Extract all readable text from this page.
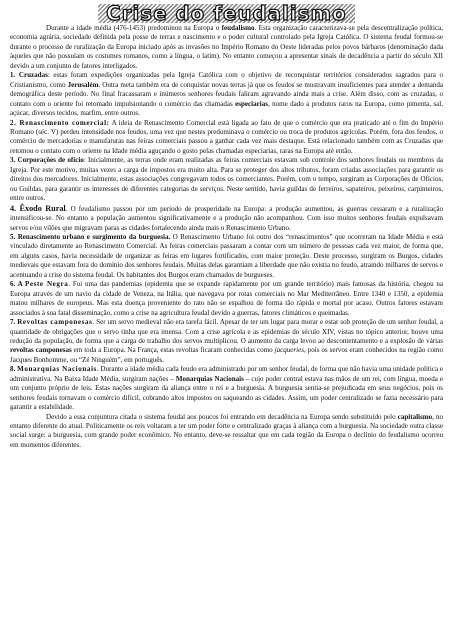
Crise do feudalismo

Durante a idade média (476-1453) predominou na Europa o feudalismo. Esta organização caracterizava-se pela descentralização política, economia agrária, sociedade definida pela posse de terras e nascimento e o poder cultural controlado pela Igreja Católica. O sistema feudal formou-se durante o processo de ruralização da Europa iniciado após as invasões no Império Romano do Oeste lideradas pelos povos bárbaros (denominação dada àqueles que não possuíam os costumes romanos, como a língua, o latim). No entanto começou a apresentar sinais de decadência a partir do século XII devido a um conjunto de fatores interligados.

1. Cruzadas: estas foram expedições organizadas pela Igreja Católica com o objetivo de reconquistar territórios considerados sagrados para o Cristianismo, como Jerusalém. Outra meta também era de conquistar novas terras já que os feudos se mostravam insuficientes para atender a demanda demográfica deste período. No final fracassaram e inúmeros senhores feudais faliram agravando ainda mais a crise. Além disso, com as cruzadas, o contato com o oriente foi retomado impulsionando o comércio das chamadas especiarias, nome dado a produtos raros na Europa, como pimenta, sal, açúcar, diversos tecidos, marfim, entre outros.

2. Renascimento comercial: A ideia de Renascimento Comercial está ligada ao fato de que o comércio que era praticado até o fim do Império Romano (séc. V) perdeu intensidade nos feudos, uma vez que nestes predominava o comércio ou troca de produtos agrícolas. Porém, fora dos feudos, o comércio de mercadorias e manufaturas nas feiras comerciais passou a ganhar cada vez mais destaque. Está relacionado também com as Cruzadas que retomou o contato com o oriente na Idade média aguçando o gosto pelas chamadas especiarias, raras na Europa até então.

3. Corporações de ofício: Inicialmente, as terras onde eram realizadas as feiras comerciais estavam sob controle dos senhores feudais ou membros da Igreja. Por este motivo, muitas vezes a carga de impostos era muito alta. Para se proteger dos altos tributos, foram criadas associações para garantir os direitos dos mercadores. Inicialmente, estas associações congregavam todos os comerciantes. Porém, com o tempo, surgiram as Corporações de Ofícios, ou Guildas, para garantir os interesses de diferentes categorias de serviços. Neste sentido, havia guildas de ferreiros, sapateiros, peixeiros, carpinteiros, entre outros.

4. Êxodo Rural. O feudalismo passou por um período de prosperidade na Europa: a produção aumentou, as guerras cessaram e a ruralização intensificou-se. No entanto a população aumentou significativamente e a produção não acompanhou. Com isso muitos senhores feudais expulsavam servos e/ou vilões que migravam paras as cidades fortalecendo ainda mais o Renascimento Urbano.

5. Renascimento urbano e surgimento da burguesia. O Renascimento Urbano foi outro dos “renascimentos” que ocorreram na Idade Média e está vinculado diretamente ao Renascimento Comercial. As feiras comerciais passaram a contar com um número de pessoas cada vez maior, de forma que, em alguns casos, havia necessidade de organizar as feiras em lugares fortificados, com maior proteção. Deste processo, surgiram os Burgos, cidades medievais que estavam fora do domínio dos senhores feudais. Muitas delas garantiam a liberdade que não existia no feudo, atraindo milhares de servos e acentuando a crise do sistema feudal. Os habitantes dos Burgos eram chamados de burgueses.

6. A Peste Negra. Foi uma das pandemias (epidemia que se expande rapidamente por um grande território) mais famosas da história, chegou na Europa através de um navio da cidade de Veneza, na Itália, que navegava por rotas comerciais no Mar Mediterrâneo. Entre 1340 e 1350, a epidemia matou milhares de europeus. Mas esta doença proveniente do rato não se espalhou de forma tão rápida e mortal por acaso. Outros fatores estavam associados à sua fatal disseminação, como a crise na agricultura feudal devido a guerras, fatores climáticos e queimadas.

7. Revoltas camponesas. Ser um servo medieval não era tarefa fácil. Apesar de ter um lugar para morar e estar sob proteção de um senhor feudal, a quantidade de obrigações que o servo tinha que era imensa. Com a crise agrícola e as epidemias do século XIV, vistas no tópico anterior, houve uma redução da população, de forma que a carga de trabalho dos servos multiplicou. O aumento da carga levou ao descontentamento e a explosão de várias revoltas camponesas em toda a Europa. Na França, estas revoltas ficaram conhecidas como jacqueries, pois os servos eram conhecidos na região como Jacques Bonhomme, ou “Zé Ninguém”, em português.

8. Monarquias Nacionais. Durante a idade média cada feudo era administrado por um senhor feudal, de forma que não havia uma unidade política e administrativa. Na Baixa Idade Média, surgiram nações – Monarquias Nacionais – cujo poder central estava nas mãos de um rei, com língua, moeda e um conjunto próprio de leis. Estas nações surgiram da aliança entre o rei e a burguesia. A burguesia sentia-se prejudicada em seus negócios, pois os senhores feudais tornavam o comércio difícil, cobrando altos impostos ou saqueando as cidades. Assim, um poder centralizado se fazia necessário para garantir a estabilidade.

Devido a essa conjuntura citada o sistema feudal aos poucos foi entrando em decadência na Europa sendo substituído pelo capitalismo, no entanto diferente do atual. Politicamente os reis voltaram a ter um poder forte e centralizado graças à aliança com a burguesia. Na sociedade outra classe social surge: a burguesia, com grande poder econômico. No entanto, deve-se ressaltar que em cada região da Europa o declínio do feudalismo ocorreu em momentos diferentes.
